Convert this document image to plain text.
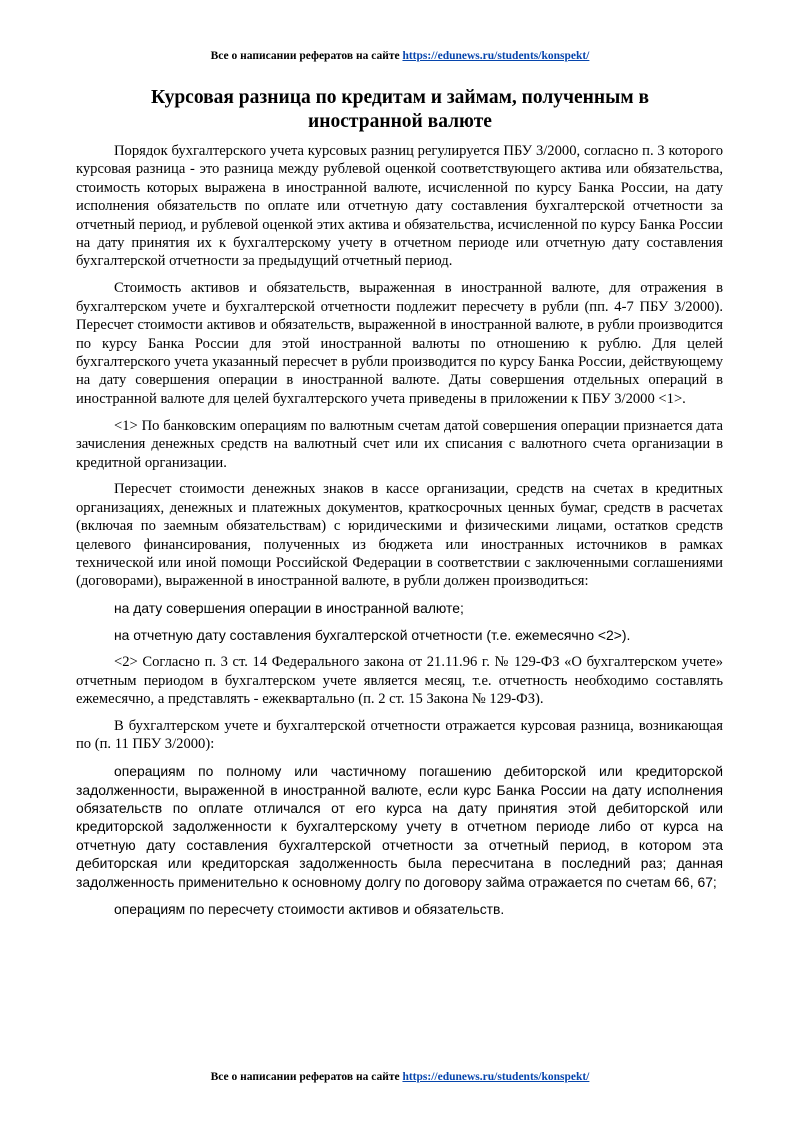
Все о написании рефератов на сайте https://edunews.ru/students/konspekt/
Курсовая разница по кредитам и займам, полученным в иностранной валюте

Порядок бухгалтерского учета курсовых разниц регулируется ПБУ 3/2000, согласно п. 3 которого курсовая разница - это разница между рублевой оценкой соответствующего актива или обязательства, стоимость которых выражена в иностранной валюте, исчисленной по курсу Банка России, на дату исполнения обязательств по оплате или отчетную дату составления бухгалтерской отчетности за отчетный период, и рублевой оценкой этих актива и обязательства, исчисленной по курсу Банка России на дату принятия их к бухгалтерскому учету в отчетном периоде или отчетную дату составления бухгалтерской отчетности за предыдущий отчетный период.

Стоимость активов и обязательств, выраженная в иностранной валюте, для отражения в бухгалтерском учете и бухгалтерской отчетности подлежит пересчету в рубли (пп. 4-7 ПБУ 3/2000). Пересчет стоимости активов и обязательств, выраженной в иностранной валюте, в рубли производится по курсу Банка России для этой иностранной валюты по отношению к рублю. Для целей бухгалтерского учета указанный пересчет в рубли производится по курсу Банка России, действующему на дату совершения операции в иностранной валюте. Даты совершения отдельных операций в иностранной валюте для целей бухгалтерского учета приведены в приложении к ПБУ 3/2000 <1>.

<1> По банковским операциям по валютным счетам датой совершения операции признается дата зачисления денежных средств на валютный счет или их списания с валютного счета организации в кредитной организации.

Пересчет стоимости денежных знаков в кассе организации, средств на счетах в кредитных организациях, денежных и платежных документов, краткосрочных ценных бумаг, средств в расчетах (включая по заемным обязательствам) с юридическими и физическими лицами, остатков средств целевого финансирования, полученных из бюджета или иностранных источников в рамках технической или иной помощи Российской Федерации в соответствии с заключенными соглашениями (договорами), выраженной в иностранной валюте, в рубли должен производиться:

на дату совершения операции в иностранной валюте;

на отчетную дату составления бухгалтерской отчетности (т.е. ежемесячно <2>).

<2> Согласно п. 3 ст. 14 Федерального закона от 21.11.96 г. № 129-ФЗ «О бухгалтерском учете» отчетным периодом в бухгалтерском учете является месяц, т.е. отчетность необходимо составлять ежемесячно, а представлять - ежеквартально (п. 2 ст. 15 Закона № 129-ФЗ).

В бухгалтерском учете и бухгалтерской отчетности отражается курсовая разница, возникающая по (п. 11 ПБУ 3/2000):

операциям по полному или частичному погашению дебиторской или кредиторской задолженности, выраженной в иностранной валюте, если курс Банка России на дату исполнения обязательств по оплате отличался от его курса на дату принятия этой дебиторской или кредиторской задолженности к бухгалтерскому учету в отчетном периоде либо от курса на отчетную дату составления бухгалтерской отчетности за отчетный период, в котором эта дебиторская или кредиторская задолженность была пересчитана в последний раз; данная задолженность применительно к основному долгу по договору займа отражается по счетам 66, 67;

операциям по пересчету стоимости активов и обязательств.

Все о написании рефератов на сайте https://edunews.ru/students/konspekt/
